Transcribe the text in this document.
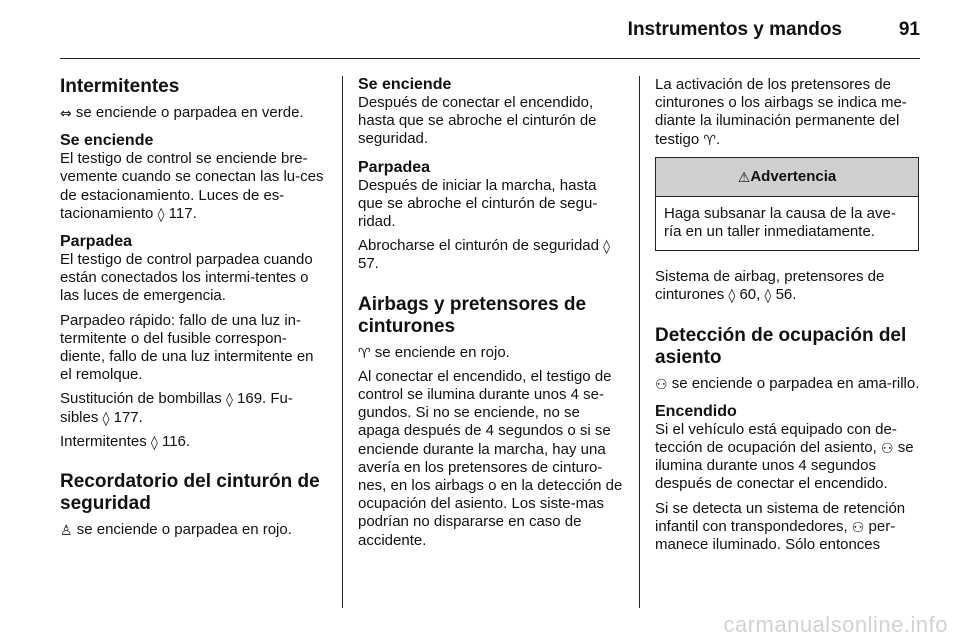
Instrumentos y mandos	91
Intermitentes

⇔ se enciende o parpadea en verde.

Se enciende

El testigo de control se enciende bre-vemente cuando se conectan las lu-ces de estacionamiento. Luces de es-tacionamiento ◊ 117.

Parpadea

El testigo de control parpadea cuando están conectados los intermi-tentes o las luces de emergencia.

Parpadeo rápido: fallo de una luz in-termitente o del fusible correspon-diente, fallo de una luz intermitente en el remolque.

Sustitución de bombillas ◊ 169. Fu-sibles ◊ 177.

Intermitentes ◊ 116.

Recordatorio del cinturón de seguridad

♙ se enciende o parpadea en rojo.

Se enciende

Después de conectar el encendido, hasta que se abroche el cinturón de seguridad.

Parpadea

Después de iniciar la marcha, hasta que se abroche el cinturón de segu-ridad.

Abrocharse el cinturón de seguridad ◊ 57.

Airbags y pretensores de cinturones

♈ se enciende en rojo.

Al conectar el encendido, el testigo de control se ilumina durante unos 4 se-gundos. Si no se enciende, no se apaga después de 4 segundos o si se enciende durante la marcha, hay una avería en los pretensores de cinturo-nes, en los airbags o en la detección de ocupación del asiento. Los siste-mas podrían no dispararse en caso de accidente.

La activación de los pretensores de cinturones o los airbags se indica me-diante la iluminación permanente del testigo ♈.

⚠Advertencia
Haga subsanar la causa de la ave-ría en un taller inmediatamente.

Sistema de airbag, pretensores de cinturones ◊ 60, ◊ 56.

Detección de ocupación del asiento

⚇ se enciende o parpadea en ama-rillo.

Encendido

Si el vehículo está equipado con de-tección de ocupación del asiento, ⚇ se ilumina durante unos 4 segundos después de conectar el encendido.

Si se detecta un sistema de retención infantil con transpondedores, ⚇ per-manece iluminado. Sólo entonces

carmanualsonline.info
